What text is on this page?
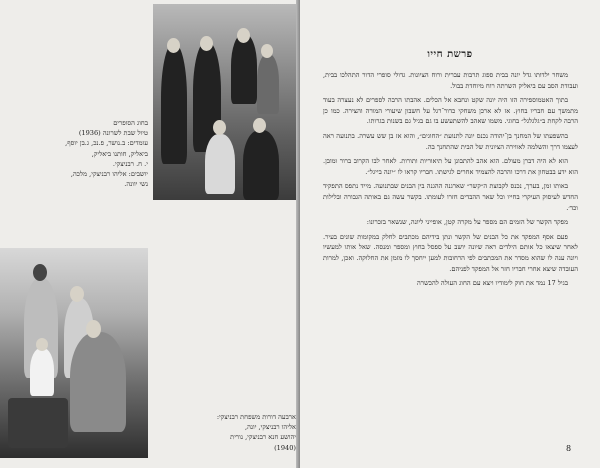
בחוג הסופרים
טיול שבת לשרונה (1936)
עומדים: ב.נושר, פ.נכ, ג.בן יוסף,
ביאליק, חותנו ביאליק,
י. ח. רבניצקי.
יושבים: אליהו רבניצקי, מלכה,
נשי יוונה.
ארבעה דורות משפחת רבניצקי:
אליהו רבניצקי, יונה,
יהושע חנא רבניצקי, נורית
(1940)
פרשת חייו

משחר ילדותו גדל יונה בבית ספוג תרבות עברית ורוח הציונות. גדולי סופרי הדור התהלכו בבית, ועבודת הסב עם ביאליק השרתה רוח מיוחדת בבול.

בתוך האטמוספירה הזו היה יונה שקט ונחבא אל הכלים. אהבתו הרבה לספרים לא נעצרה בעוד מתמשך עם חבריו בחוץ. אז לא ארכן משחקי כדור־רגל על חשבון שיעורי המורה והצירה. כמו כן הרבה לקחת ב״גלגלגל״ בחוגי. משמו שאהב להשתעשע בו גם בגיל גם בשנות בגרותו.

בהשפעתו של המחנך בן־יהודה נכנס יונה לתנועת ״החוגים״, והוא אז בן שש עשרה. בתנועה ראה לעצמו דרך והשלמה לאווירה הציונית של הבית שהתחנך בה.

הוא לא היה דברן מעולם. הוא אהב להתבונן על תיאוריות ותורות. לאחר לבו הקרוב ברור ומובן. הוא ידע בבטחון את דרכו והרבה להצמיד אחרים לגישתו. חבריו קראו לו ״יונה בייגל״.

באותו זמן, בערך, נכנס לקבוצת ה״קשר״ שארגנה ההגנה בין הבנים שבתנועה. מייד נתפס התפקיד החדש לעיסוק העיקרי בחייו וכל שאר ההבדים חזרו לעומתו. בקשר עשה גם באותה הגבורה ובלילות וכד׳.

מפקד הקשר של הזמים הם מספר על מקרה קטן, אופייני ליונה, שנשאר בזכרונו:

פעם אסף המפקד את כל הבנים של הקשר ונתן בידיהם מכתבים לחלק במקומות שונים בעיר. לאחר שיצאו כל אותם הילדים ראה שיונה יושב על ספסל בחוץ ומספר ומנסה. שאל אותו למעשיו ויונה ענה לו שהוא מסדר את המכתבים לפי הרחובות למען ייחסך לו מזמן את החלוקה. ואכן, למרות העובדה שיצא אחרי חבריו חזר אל המפקד לפניהם.

בגיל 17 נמד את חוק לימודיו ויצא עם החוג העולה להכשרה

8
